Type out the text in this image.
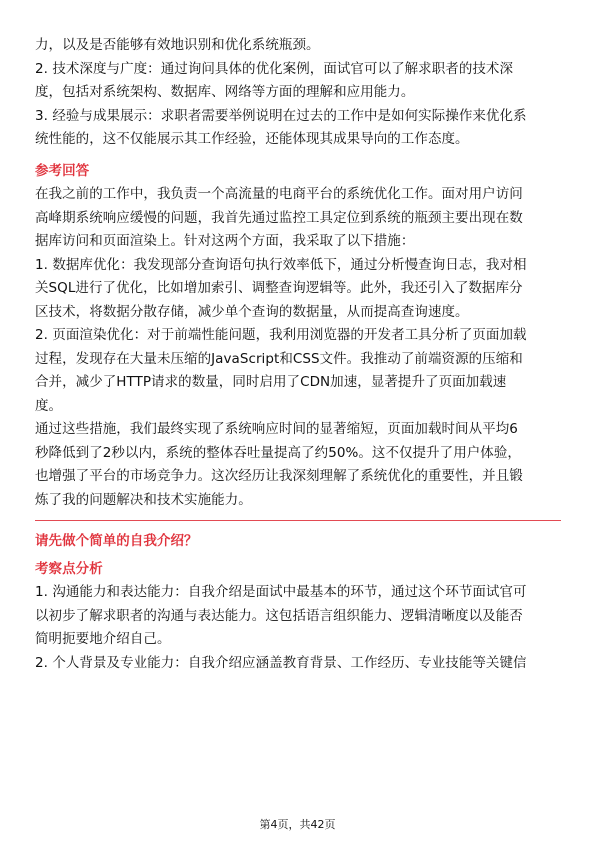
力，以及是否能够有效地识别和优化系统瓶颈。
2. 技术深度与广度：通过询问具体的优化案例，面试官可以了解求职者的技术深
度，包括对系统架构、数据库、网络等方面的理解和应用能力。
3. 经验与成果展示：求职者需要举例说明在过去的工作中是如何实际操作来优化系
统性能的，这不仅能展示其工作经验，还能体现其成果导向的工作态度。
参考回答
在我之前的工作中，我负责一个高流量的电商平台的系统优化工作。面对用户访问
高峰期系统响应缓慢的问题，我首先通过监控工具定位到系统的瓶颈主要出现在数
据库访问和页面渲染上。针对这两个方面，我采取了以下措施：
1. 数据库优化：我发现部分查询语句执行效率低下，通过分析慢查询日志，我对相
关SQL进行了优化，比如增加索引、调整查询逻辑等。此外，我还引入了数据库分
区技术，将数据分散存储，减少单个查询的数据量，从而提高查询速度。
2. 页面渲染优化：对于前端性能问题，我利用浏览器的开发者工具分析了页面加载
过程，发现存在大量未压缩的JavaScript和CSS文件。我推动了前端资源的压缩和
合并，减少了HTTP请求的数量，同时启用了CDN加速，显著提升了页面加载速
度。
通过这些措施，我们最终实现了系统响应时间的显著缩短，页面加载时间从平均6
秒降低到了2秒以内，系统的整体吞吐量提高了约50%。这不仅提升了用户体验，
也增强了平台的市场竞争力。这次经历让我深刻理解了系统优化的重要性，并且锻
炼了我的问题解决和技术实施能力。
请先做个简单的自我介绍？
考察点分析
1. 沟通能力和表达能力：自我介绍是面试中最基本的环节，通过这个环节面试官可
以初步了解求职者的沟通与表达能力。这包括语言组织能力、逻辑清晰度以及能否
简明扼要地介绍自己。
2. 个人背景及专业能力：自我介绍应涵盖教育背景、工作经历、专业技能等关键信
第4页，共42页
